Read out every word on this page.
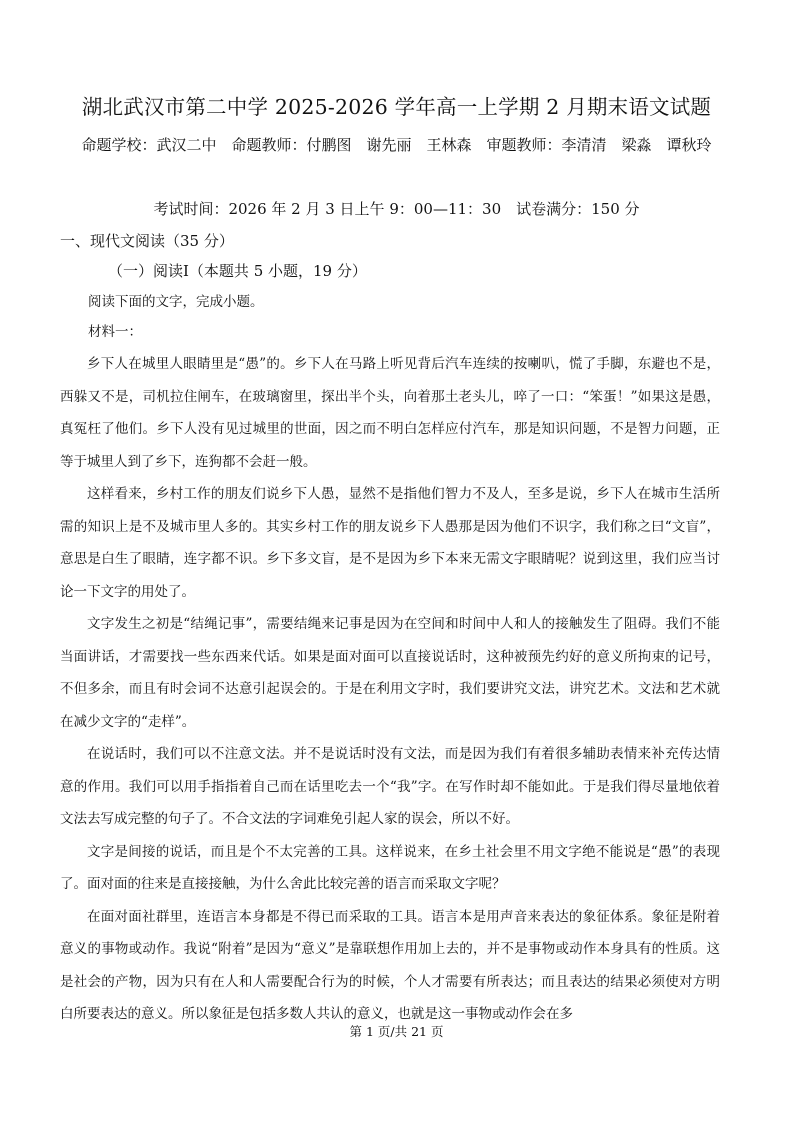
湖北武汉市第二中学 2025-2026 学年高一上学期 2 月期末语文试题
命题学校：武汉二中　命题教师：付鹏图　谢先丽　王林森　审题教师：李清清　梁淼　谭秋玲
考试时间：2026 年 2 月 3 日上午 9：00—11：30　试卷满分：150 分
一、现代文阅读（35 分）
（一）阅读Ⅰ（本题共 5 小题，19 分）
阅读下面的文字，完成小题。
材料一：

乡下人在城里人眼睛里是“愚”的。乡下人在马路上听见背后汽车连续的按喇叭，慌了手脚，东避也不是，西躲又不是，司机拉住闸车，在玻璃窗里，探出半个头，向着那土老头儿，啐了一口：“笨蛋！”如果这是愚，真冤枉了他们。乡下人没有见过城里的世面，因之而不明白怎样应付汽车，那是知识问题，不是智力问题，正等于城里人到了乡下，连狗都不会赶一般。

这样看来，乡村工作的朋友们说乡下人愚，显然不是指他们智力不及人，至多是说，乡下人在城市生活所需的知识上是不及城市里人多的。其实乡村工作的朋友说乡下人愚那是因为他们不识字，我们称之曰“文盲”，意思是白生了眼睛，连字都不识。乡下多文盲，是不是因为乡下本来无需文字眼睛呢？说到这里，我们应当讨论一下文字的用处了。

文字发生之初是“结绳记事”，需要结绳来记事是因为在空间和时间中人和人的接触发生了阻碍。我们不能当面讲话，才需要找一些东西来代话。如果是面对面可以直接说话时，这种被预先约好的意义所拘束的记号，不但多余，而且有时会词不达意引起误会的。于是在利用文字时，我们要讲究文法，讲究艺术。文法和艺术就在减少文字的“走样”。

在说话时，我们可以不注意文法。并不是说话时没有文法，而是因为我们有着很多辅助表情来补充传达情意的作用。我们可以用手指指着自己而在话里吃去一个“我”字。在写作时却不能如此。于是我们得尽量地依着文法去写成完整的句子了。不合文法的字词难免引起人家的误会，所以不好。

文字是间接的说话，而且是个不太完善的工具。这样说来，在乡土社会里不用文字绝不能说是“愚”的表现了。面对面的往来是直接接触，为什么舍此比较完善的语言而采取文字呢？

在面对面社群里，连语言本身都是不得已而采取的工具。语言本是用声音来表达的象征体系。象征是附着意义的事物或动作。我说“附着”是因为“意义”是靠联想作用加上去的，并不是事物或动作本身具有的性质。这是社会的产物，因为只有在人和人需要配合行为的时候，个人才需要有所表达；而且表达的结果必须使对方明白所要表达的意义。所以象征是包括多数人共认的意义，也就是这一事物或动作会在多

第 1 页/共 21 页
